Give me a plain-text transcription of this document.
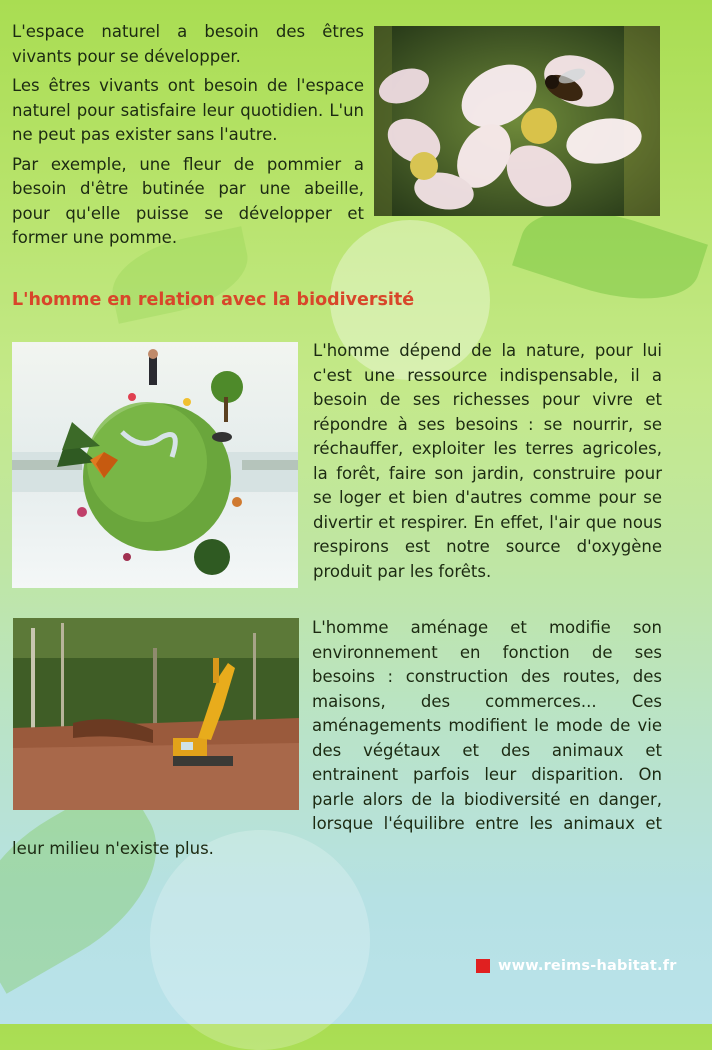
L'espace naturel a besoin des êtres vivants pour se développer.

Les êtres vivants ont besoin de l'espace naturel pour satisfaire leur quotidien. L'un ne peut pas exister sans l'autre.

Par exemple, une fleur de pommier a besoin d'être butinée par une abeille, pour qu'elle puisse se développer et former une pomme.

L'homme en relation avec la biodiversité
L'homme dépend de la nature, pour lui c'est une ressource indispensable, il a besoin de ses richesses pour vivre et répondre à ses besoins : se nourrir, se réchauffer, exploiter les terres agricoles, la forêt, faire son jardin, construire pour se loger et bien d'autres comme pour se divertir et respirer. En effet, l'air que nous respirons est notre source d'oxygène produit par les forêts.

L'homme aménage et modifie son environnement en fonction de ses besoins : construction des routes, des maisons, des commerces... Ces aménagements modifient le mode de vie des végétaux et des animaux et entrainent parfois leur disparition. On parle alors de la biodiversité en danger, lorsque l'équilibre entre les animaux et leur milieu n'existe plus.

www.reims-habitat.fr
